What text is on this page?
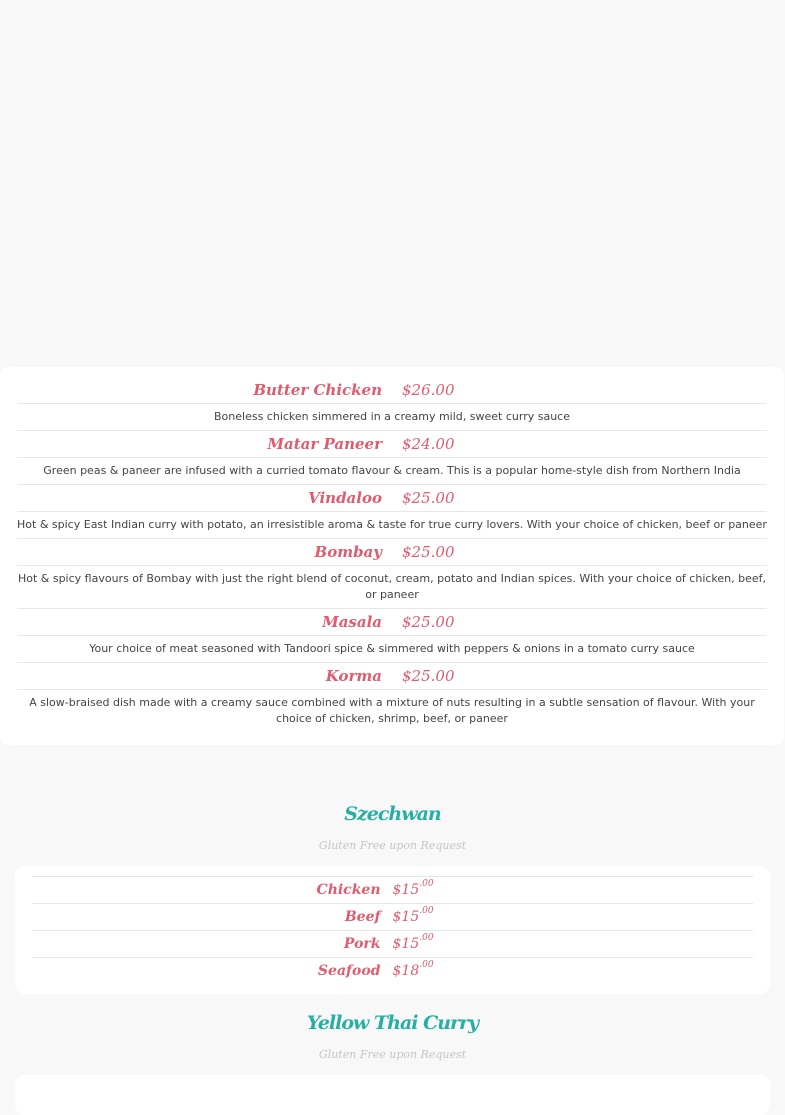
Butter Chicken	$26.00
Boneless chicken simmered in a creamy mild, sweet curry sauce
Matar Paneer	$24.00
Green peas & paneer are infused with a curried tomato flavour & cream. This is a popular home-style dish from Northern India
Vindaloo	$25.00
Hot & spicy East Indian curry with potato, an irresistible aroma & taste for true curry lovers. With your choice of chicken, beef or paneer
Bombay	$25.00
Hot & spicy flavours of Bombay with just the right blend of coconut, cream, potato and Indian spices. With your choice of chicken, beef, or paneer
Masala	$25.00
Your choice of meat seasoned with Tandoori spice & simmered with peppers & onions in a tomato curry sauce
Korma	$25.00
A slow-braised dish made with a creamy sauce combined with a mixture of nuts resulting in a subtle sensation of flavour. With your choice of chicken, shrimp, beef, or paneer
Szechwan
Gluten Free upon Request
Chicken $\$15^{.00}$
Beef $\$15^{.00}$
Pork $\$15^{.00}$
Seafood $\$18^{.00}$
Yellow Thai Curry
Gluten Free upon Request
